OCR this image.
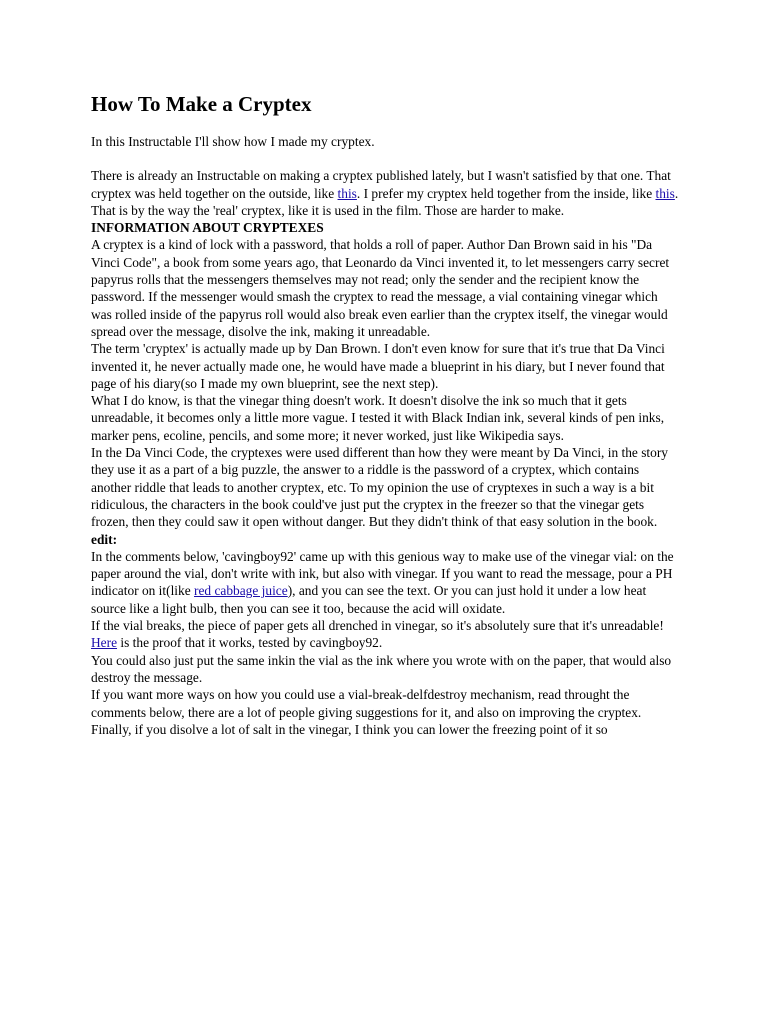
How To Make a Cryptex

In this Instructable I'll show how I made my cryptex.

There is already an Instructable on making a cryptex published lately, but I wasn't satisfied by that one. That cryptex was held together on the outside, like this. I prefer my cryptex held together from the inside, like this. That is by the way the 'real' cryptex, like it is used in the film. Those are harder to make.

INFORMATION ABOUT CRYPTEXES

A cryptex is a kind of lock with a password, that holds a roll of paper. Author Dan Brown said in his "Da Vinci Code", a book from some years ago, that Leonardo da Vinci invented it, to let messengers carry secret papyrus rolls that the messengers themselves may not read; only the sender and the recipient know the password. If the messenger would smash the cryptex to read the message, a vial containing vinegar which was rolled inside of the papyrus roll would also break even earlier than the cryptex itself, the vinegar would spread over the message, disolve the ink, making it unreadable.

The term 'cryptex' is actually made up by Dan Brown. I don't even know for sure that it's true that Da Vinci invented it, he never actually made one, he would have made a blueprint in his diary, but I never found that page of his diary(so I made my own blueprint, see the next step).

What I do know, is that the vinegar thing doesn't work. It doesn't disolve the ink so much that it gets unreadable, it becomes only a little more vague. I tested it with Black Indian ink, several kinds of pen inks, marker pens, ecoline, pencils, and some more; it never worked, just like Wikipedia says.

In the Da Vinci Code, the cryptexes were used different than how they were meant by Da Vinci, in the story they use it as a part of a big puzzle, the answer to a riddle is the password of a cryptex, which contains another riddle that leads to another cryptex, etc. To my opinion the use of cryptexes in such a way is a bit ridiculous, the characters in the book could've just put the cryptex in the freezer so that the vinegar gets frozen, then they could saw it open without danger. But they didn't think of that easy solution in the book.

edit:

In the comments below, 'cavingboy92' came up with this genious way to make use of the vinegar vial: on the paper around the vial, don't write with ink, but also with vinegar. If you want to read the message, pour a PH indicator on it(like red cabbage juice), and you can see the text. Or you can just hold it under a low heat source like a light bulb, then you can see it too, because the acid will oxidate.

If the vial breaks, the piece of paper gets all drenched in vinegar, so it's absolutely sure that it's unreadable!

Here is the proof that it works, tested by cavingboy92.

You could also just put the same inkin the vial as the ink where you wrote with on the paper, that would also destroy the message.

If you want more ways on how you could use a vial-break-delfdestroy mechanism, read throught the comments below, there are a lot of people giving suggestions for it, and also on improving the cryptex.

Finally, if you disolve a lot of salt in the vinegar, I think you can lower the freezing point of it so
